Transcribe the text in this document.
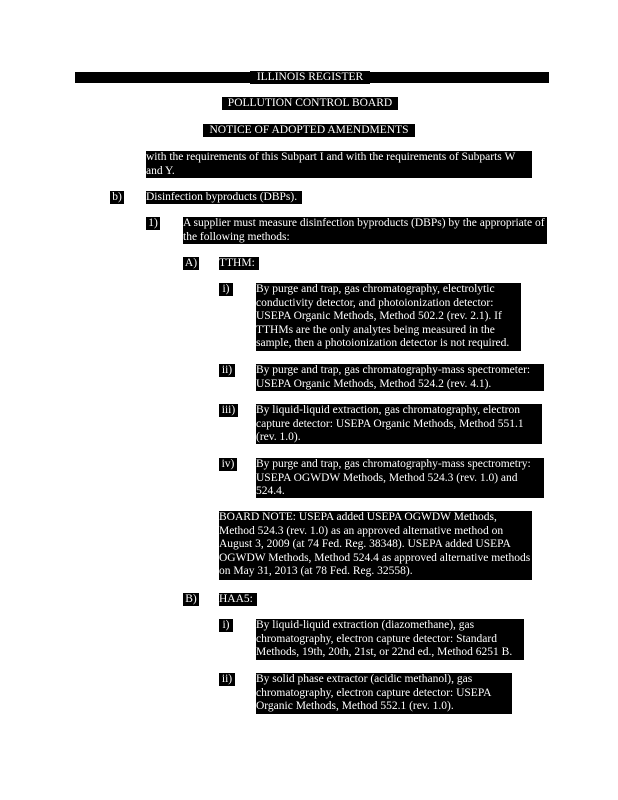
ILLINOIS REGISTER
POLLUTION CONTROL BOARD
NOTICE OF ADOPTED AMENDMENTS
with the requirements of this Subpart I and with the requirements of Subparts W and Y.
b) Disinfection byproducts (DBPs).
1) A supplier must measure disinfection byproducts (DBPs) by the appropriate of the following methods:
A) TTHM:
i)	By purge and trap, gas chromatography, electrolytic conductivity detector, and photoionization detector: USEPA Organic Methods, Method 502.2 (rev. 2.1). If TTHMs are the only analytes being measured in the sample, then a photoionization detector is not required.
ii) By purge and trap, gas chromatography-mass spectrometer: USEPA Organic Methods, Method 524.2 (rev. 4.1).
iii) By liquid-liquid extraction, gas chromatography, electron capture detector: USEPA Organic Methods, Method 551.1 (rev. 1.0).
iv) By purge and trap, gas chromatography-mass spectrometry: USEPA OGWDW Methods, Method 524.3 (rev. 1.0) and 524.4.
BOARD NOTE: USEPA added USEPA OGWDW Methods, Method 524.3 (rev. 1.0) as an approved alternative method on August 3, 2009 (at 74 Fed. Reg. 38348). USEPA added USEPA OGWDW Methods, Method 524.4 as approved alternative methods on May 31, 2013 (at 78 Fed. Reg. 32558).
B) HAA5:
i)	By liquid-liquid extraction (diazomethane), gas chromatography, electron capture detector: Standard Methods, 19th, 20th, 21st, or 22nd ed., Method 6251 B.
ii) By solid phase extractor (acidic methanol), gas chromatography, electron capture detector: USEPA Organic Methods, Method 552.1 (rev. 1.0).
